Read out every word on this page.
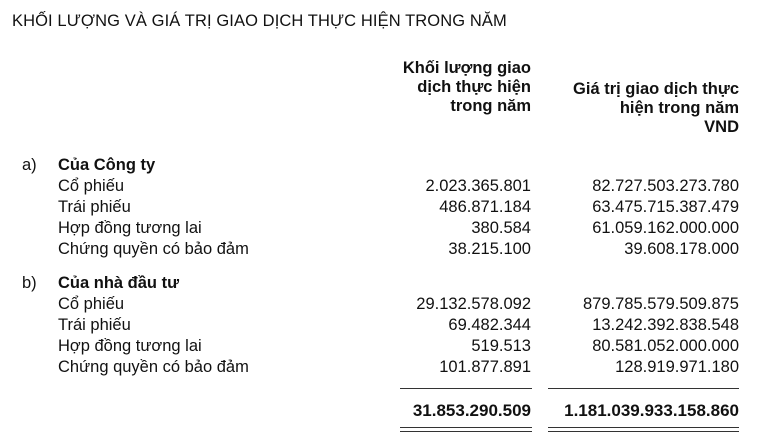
KHỐI LƯỢNG VÀ GIÁ TRỊ GIAO DỊCH THỰC HIỆN TRONG NĂM
Khối lượng giao
dịch thực hiện
trong năm
Giá trị giao dịch thực
hiện trong năm
VND
a) Của Công ty
Cổ phiếu	2.023.365.801	82.727.503.273.780
Trái phiếu	486.871.184	63.475.715.387.479
Hợp đồng tương lai	380.584	61.059.162.000.000
Chứng quyền có bảo đảm	38.215.100	39.608.178.000
b) Của nhà đầu tư
Cổ phiếu	29.132.578.092	879.785.579.509.875
Trái phiếu	69.482.344	13.242.392.838.548
Hợp đồng tương lai	519.513	80.581.052.000.000
Chứng quyền có bảo đảm	101.877.891	128.919.971.180
31.853.290.509 1.181.039.933.158.860
